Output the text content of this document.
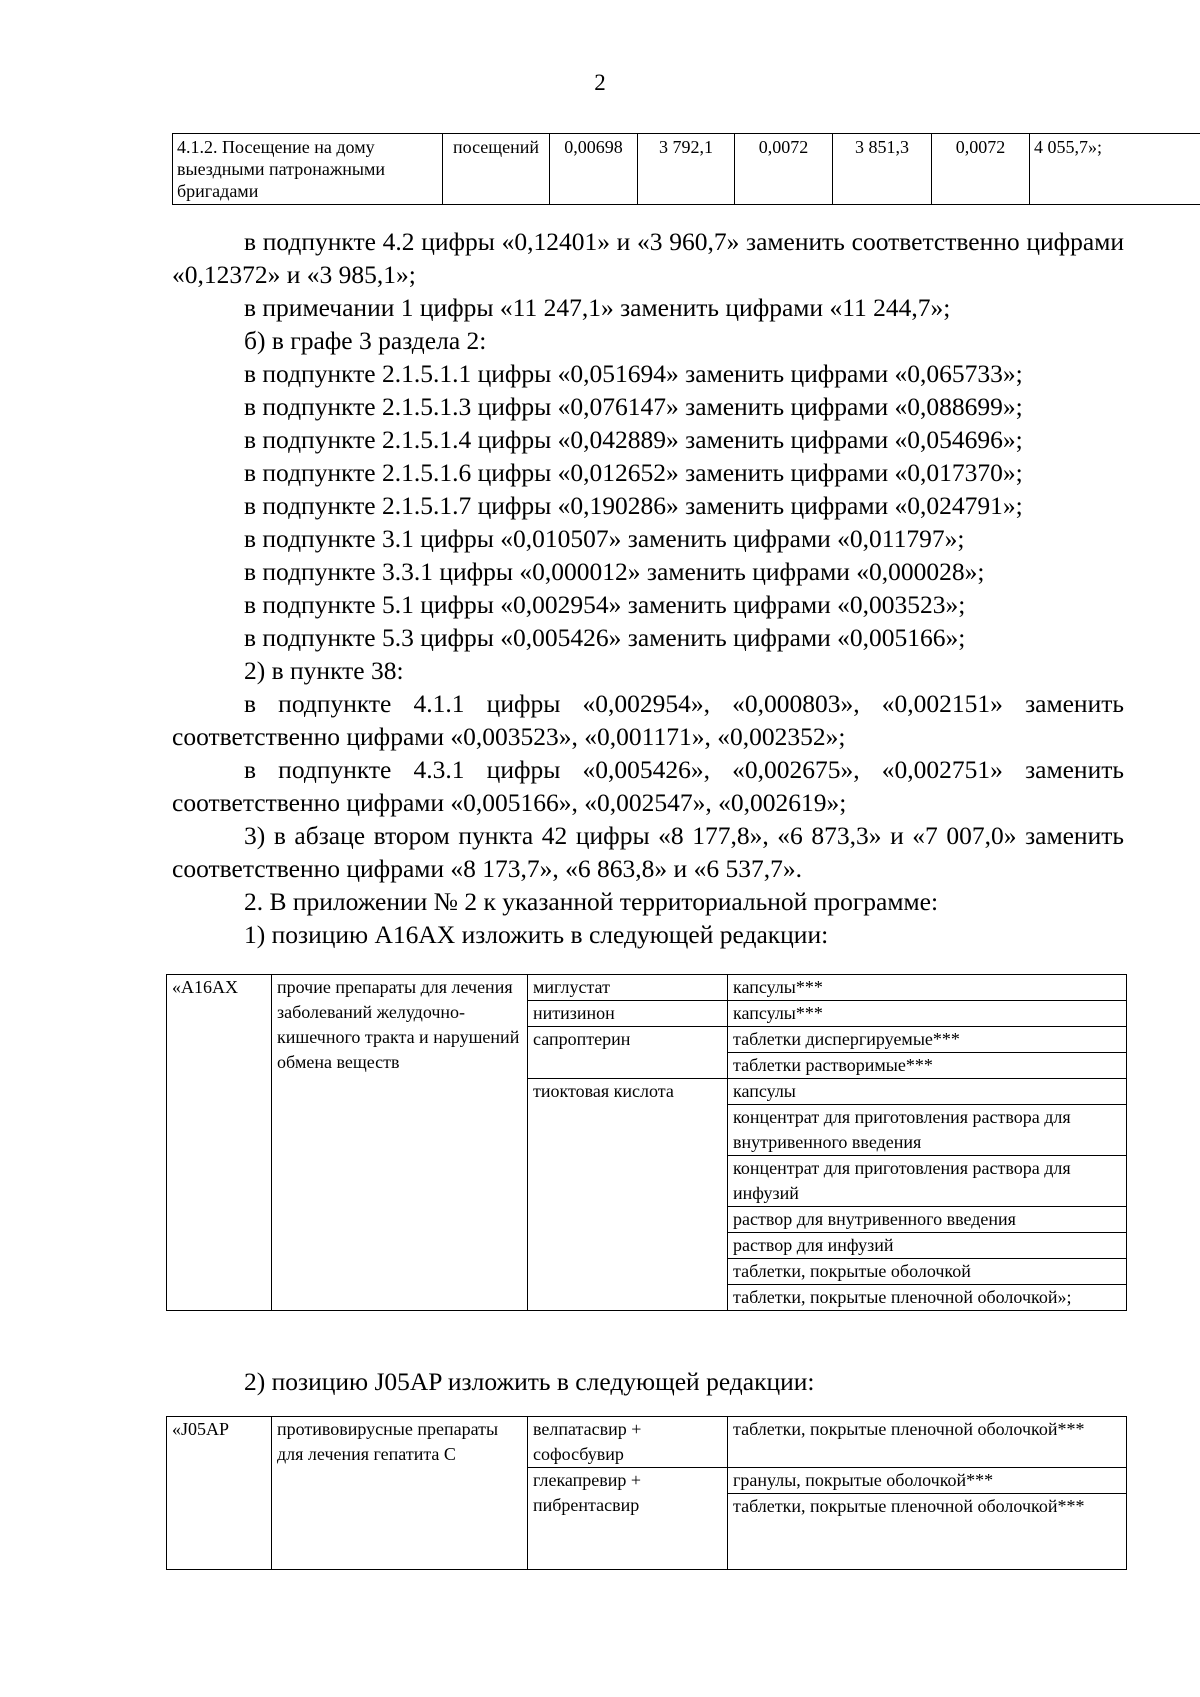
2
4.1.2. Посещение на дому выездными патронажными бригадами	посещений	0,00698	3 792,1	0,0072	3 851,3	0,0072	4 055,7»;

в подпункте 4.2 цифры «0,12401» и «3 960,7» заменить соответственно цифрами «0,12372» и «3 985,1»;

в примечании 1 цифры «11 247,1» заменить цифрами «11 244,7»;

б) в графе 3 раздела 2:

в подпункте 2.1.5.1.1 цифры «0,051694» заменить цифрами «0,065733»;

в подпункте 2.1.5.1.3 цифры «0,076147» заменить цифрами «0,088699»;

в подпункте 2.1.5.1.4 цифры «0,042889» заменить цифрами «0,054696»;

в подпункте 2.1.5.1.6 цифры «0,012652» заменить цифрами «0,017370»;

в подпункте 2.1.5.1.7 цифры «0,190286» заменить цифрами «0,024791»;

в подпункте 3.1 цифры «0,010507» заменить цифрами «0,011797»;

в подпункте 3.3.1 цифры «0,000012» заменить цифрами «0,000028»;

в подпункте 5.1 цифры «0,002954» заменить цифрами «0,003523»;

в подпункте 5.3 цифры «0,005426» заменить цифрами «0,005166»;

2) в пункте 38:

в подпункте 4.1.1 цифры «0,002954», «0,000803», «0,002151» заменить соответственно цифрами «0,003523», «0,001171», «0,002352»;

в подпункте 4.3.1 цифры «0,005426», «0,002675», «0,002751» заменить соответственно цифрами «0,005166», «0,002547», «0,002619»;

3) в абзаце втором пункта 42 цифры «8 177,8», «6 873,3» и «7 007,0» заменить соответственно цифрами «8 173,7», «6 863,8» и «6 537,7».

2. В приложении № 2 к указанной территориальной программе:

1) позицию A16AX изложить в следующей редакции:

«A16AX	прочие препараты для лечения заболеваний желудочно-кишечного тракта и нарушений обмена веществ	миглустат	капсулы***
		нитизинон	капсулы***
		сапроптерин	таблетки диспергируемые***
			таблетки растворимые***
		тиоктовая кислота	капсулы
			концентрат для приготовления раствора для внутривенного введения
			концентрат для приготовления раствора для инфузий
			раствор для внутривенного введения
			раствор для инфузий
			таблетки, покрытые оболочкой
			таблетки, покрытые пленочной оболочкой»;
2) позицию J05AP изложить в следующей редакции:
«J05AP	противовирусные препараты для лечения гепатита С	велпатасвир + софосбувир	таблетки, покрытые пленочной оболочкой***
		глекапревир + пибрентасвир	гранулы, покрытые оболочкой***
			таблетки, покрытые пленочной оболочкой***
